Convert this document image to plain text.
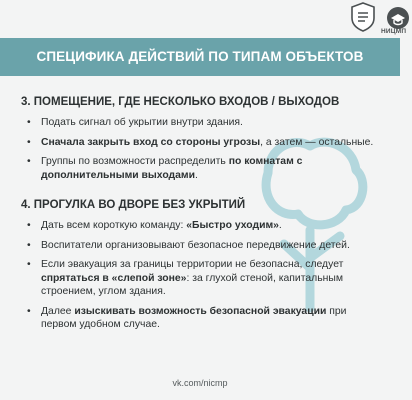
НИЦМП
СПЕЦИФИКА ДЕЙСТВИЙ ПО ТИПАМ ОБЪЕКТОВ
3. ПОМЕЩЕНИЕ, ГДЕ НЕСКОЛЬКО ВХОДОВ / ВЫХОДОВ
• Подать сигнал об укрытии внутри здания.
• Сначала закрыть вход со стороны угрозы, а затем — остальные.
• Группы по возможности распределить по комнатам с дополнительными выходами.
4. ПРОГУЛКА ВО ДВОРЕ БЕЗ УКРЫТИЙ
• Дать всем короткую команду: «Быстро уходим».
• Воспитатели организовывают безопасное передвижение детей.
• Если эвакуация за границы территории не безопасна, следует спрятаться в «слепой зоне»: за глухой стеной, капитальным строением, углом здания.
• Далее изыскивать возможность безопасной эвакуации при первом удобном случае.
vk.com/nicmp
